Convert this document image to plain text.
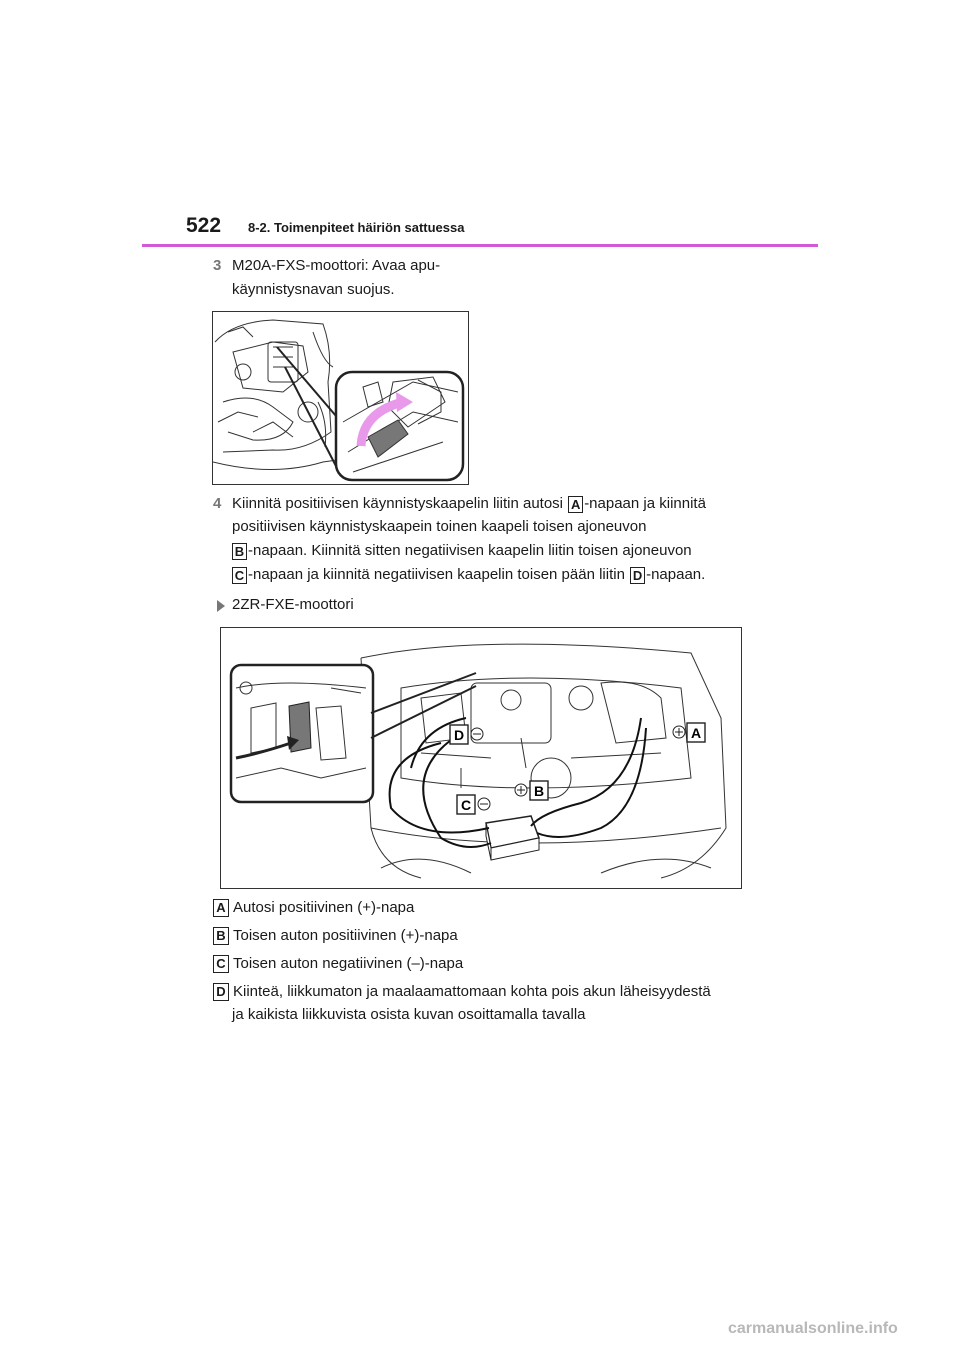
522 8-2. Toimenpiteet häiriön sattuessa
3 M20A-FXS-moottori: Avaa apu-
käynnistysnavan suojus.
4 Kiinnitä positiivisen käynnistyskaapelin liitin autosi A -napaan ja kiinnitä
positiivisen käynnistyskaapein toinen kaapeli toisen ajoneuvon
B -napaan. Kiinnitä sitten negatiivisen kaapelin liitin toisen ajoneuvon
C -napaan ja kiinnitä negatiivisen kaapelin toisen pään liitin D -napaan.
2ZR-FXE-moottori
A
B
C
D
A Autosi positiivinen (+)-napa
B Toisen auton positiivinen (+)-napa
C Toisen auton negatiivinen (–)-napa
D Kiinteä, liikkumaton ja maalaamattomaan kohta pois akun läheisyydestä
ja kaikista liikkuvista osista kuvan osoittamalla tavalla
carmanualsonline.info
